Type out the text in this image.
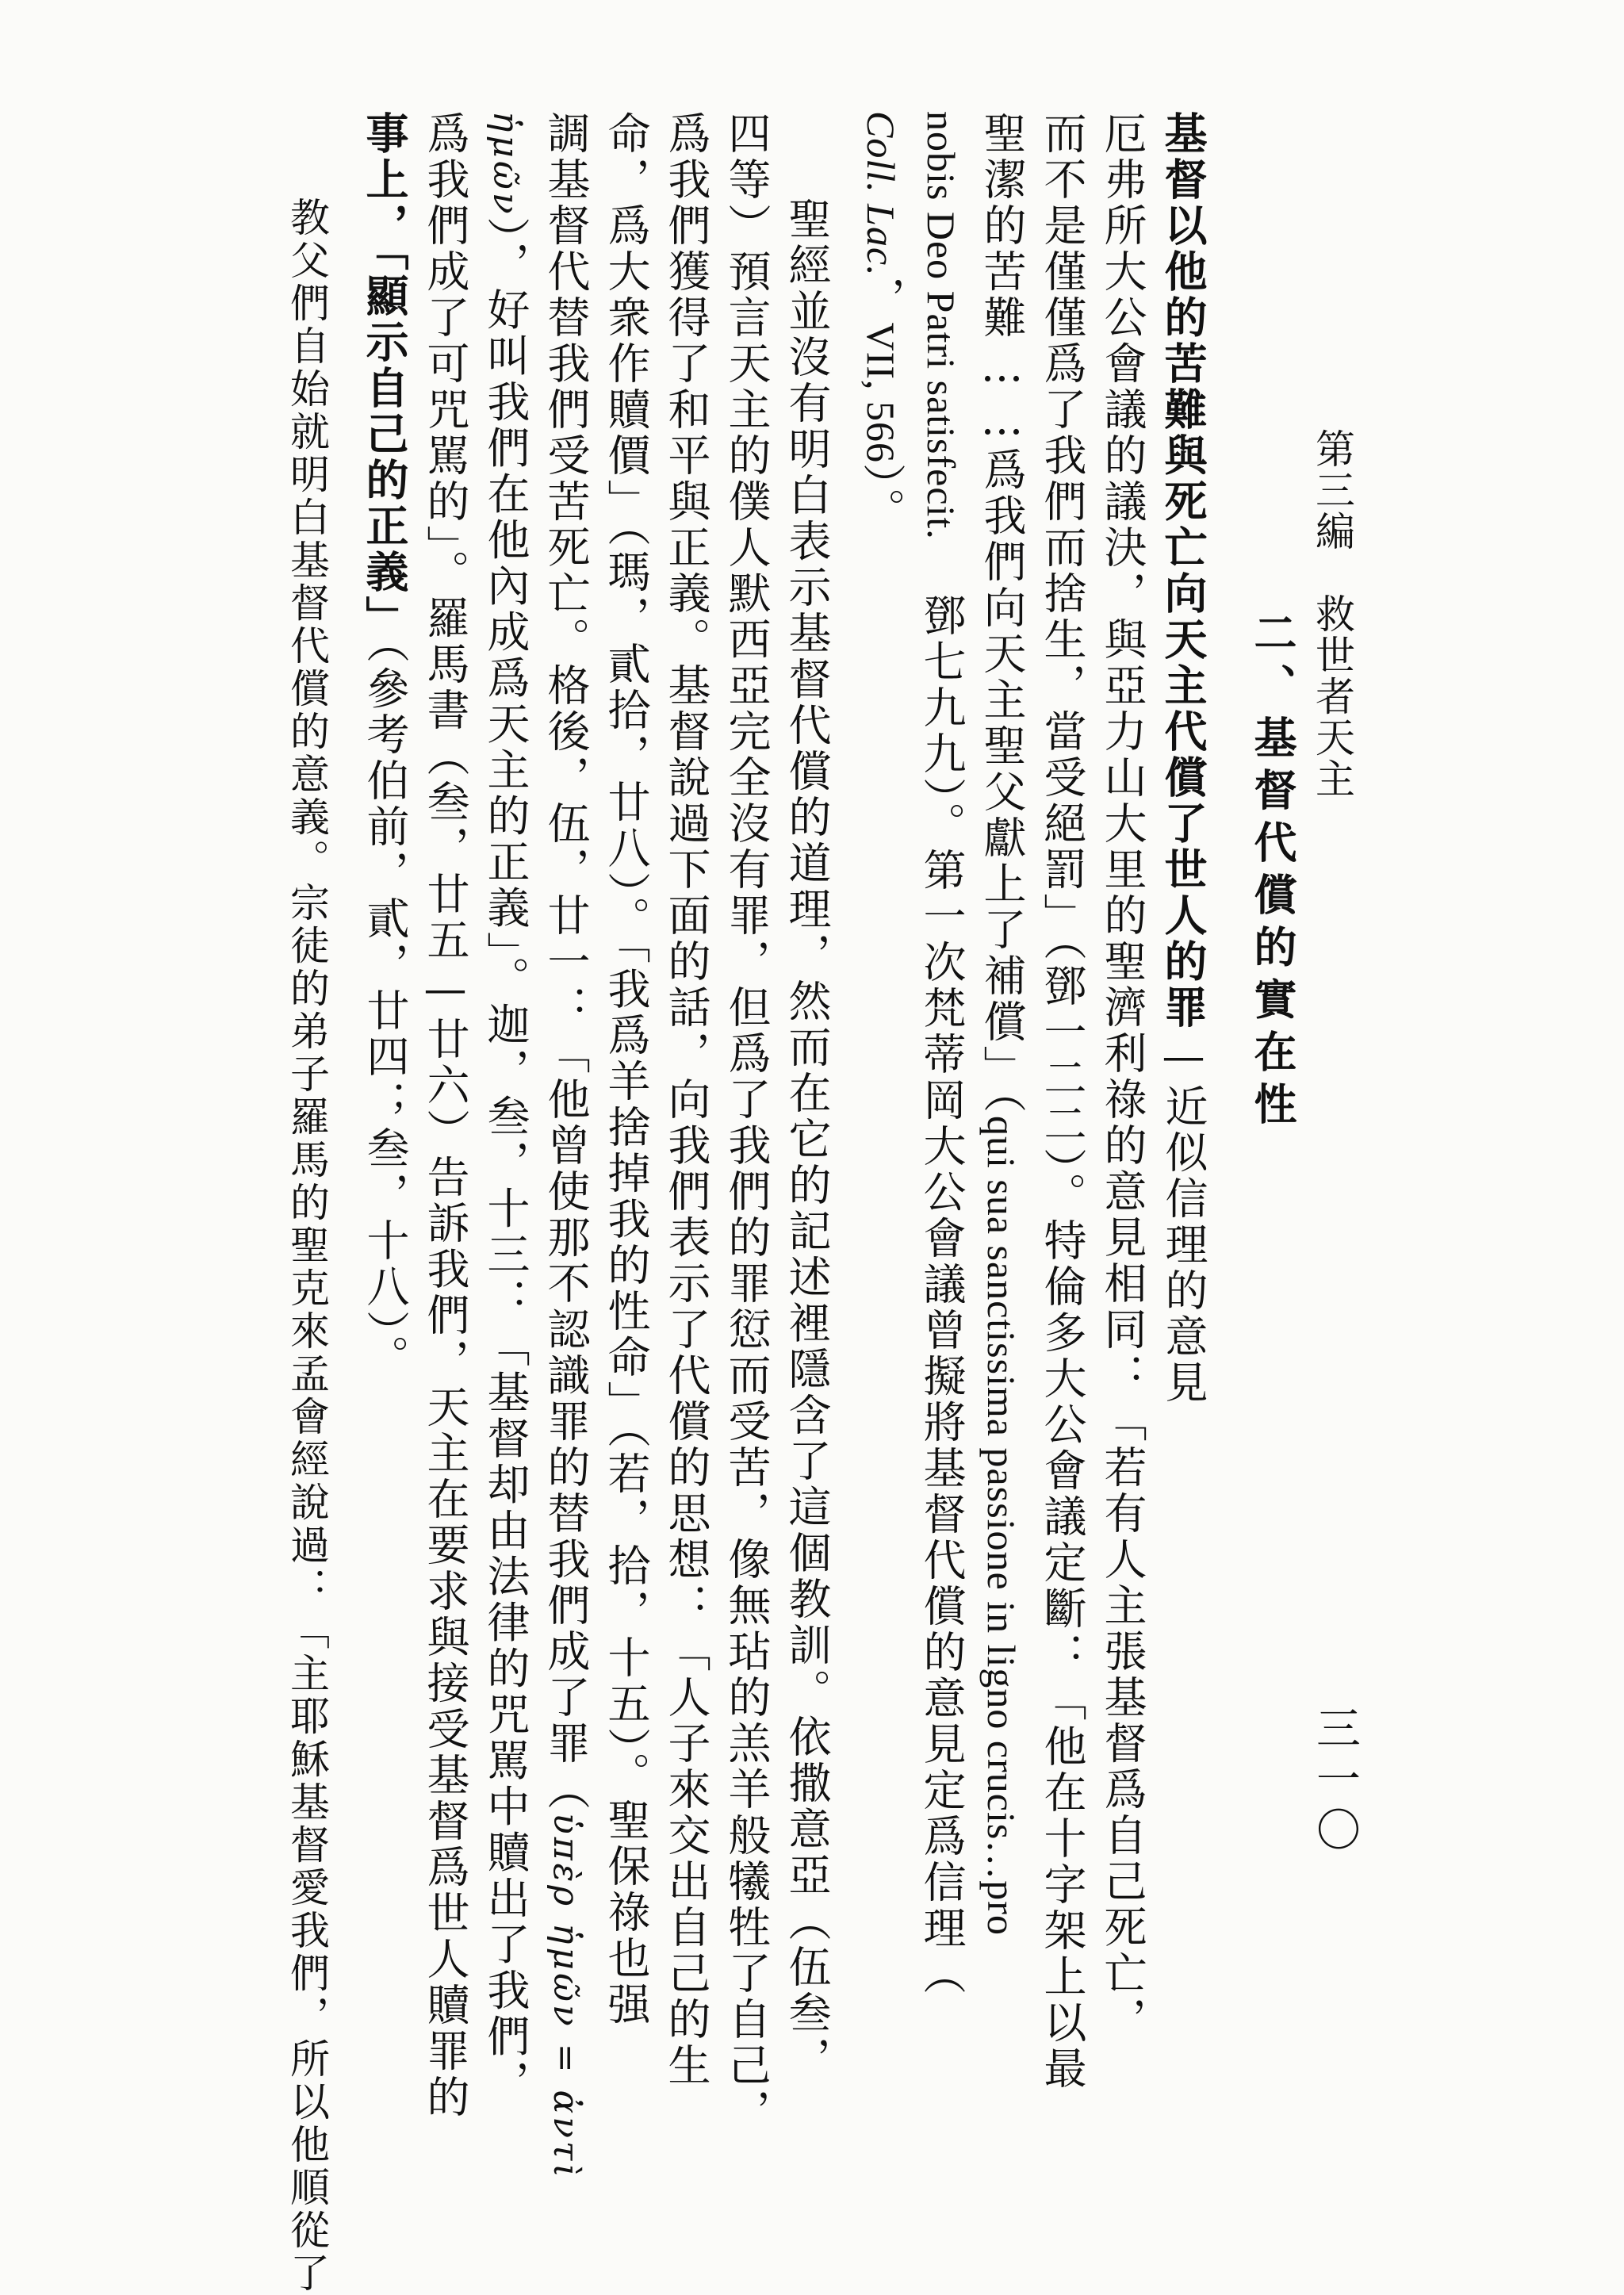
第三編　救世者天主
三一〇
二、基督代償的實在性
基督以他的苦難與死亡向天主代償了世人的罪—近似信理的意見
厄弗所大公會議的議決，與亞力山大里的聖濟利祿的意見相同：「若有人主張基督爲自己死亡，
而不是僅僅爲了我們而捨生，當受絕罰」（鄧一二二）。特倫多大公會議定斷：「他在十字架上以最
聖潔的苦難……爲我們向天主聖父獻上了補償」（qui sua sanctissima passione in ligno crucis…pro
nobis Deo Patri satisfecit. 鄧七九九）。第一次梵蒂岡大公會議曾擬將基督代償的意見定爲信理（
Coll. Lac.，VII, 566）。
聖經並沒有明白表示基督代償的道理，然而在它的記述裡隱含了這個教訓。依撒意亞（伍叁，
四等）預言天主的僕人默西亞完全沒有罪，但爲了我們的罪愆而受苦，像無玷的羔羊般犧牲了自己，
爲我們獲得了和平與正義。基督說過下面的話，向我們表示了代償的思想：「人子來交出自己的生
命，爲大衆作贖價」（瑪，貳拾，廿八）。「我爲羊捨掉我的性命」（若，拾，十五）。聖保祿也强
調基督代替我們受苦死亡。格後，伍，廿一：「他曾使那不認識罪的替我們成了罪（ὑπὲρ ἡμῶν = ἀντὶ
ἡμῶν），好叫我們在他內成爲天主的正義」。迦，叁，十三：「基督却由法律的咒駡中贖出了我們，
爲我們成了可咒駡的」。羅馬書（叁，廿五—廿六）告訴我們，天主在要求與接受基督爲世人贖罪的
事上，「顯示自己的正義」（參考伯前，貳，廿四；叁，十八）。
教父們自始就明白基督代償的意義。宗徒的弟子羅馬的聖克來孟會經說過：「主耶穌基督愛我們，所以他順從了
